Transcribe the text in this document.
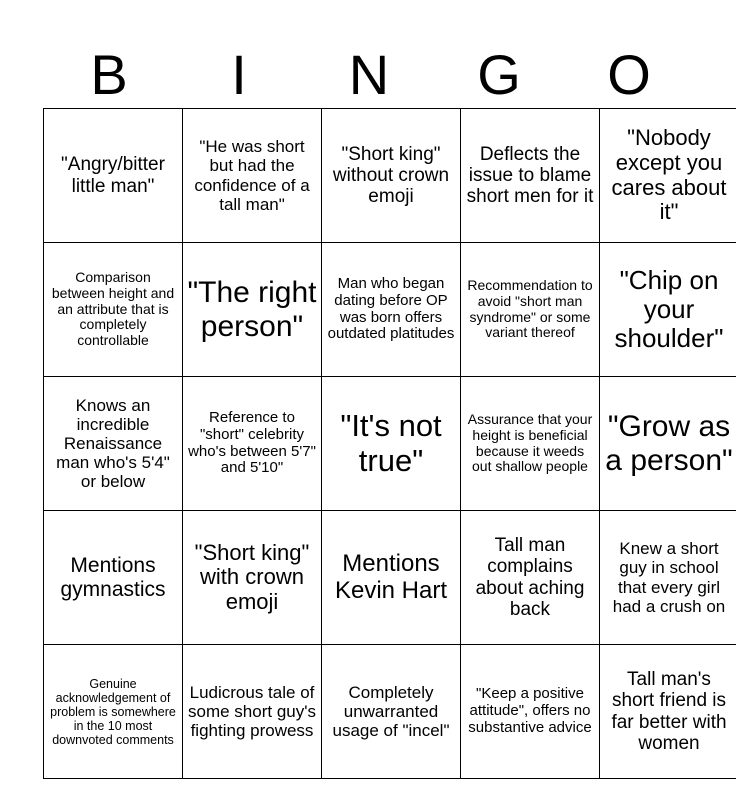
B	I	N	G	O
"Angry/bitter little man"	"He was short but had the confidence of a tall man"	"Short king" without crown emoji	Deflects the issue to blame short men for it	"Nobody except you cares about it"
Comparison between height and an attribute that is completely controllable	"The right person"	Man who began dating before OP was born offers outdated platitudes	Recommendation to avoid "short man syndrome" or some variant thereof	"Chip on your shoulder"
Knows an incredible Renaissance man who's 5'4" or below	Reference to "short" celebrity who's between 5'7" and 5'10"	"It's not true"	Assurance that your height is beneficial because it weeds out shallow people	"Grow as a person"
Mentions gymnastics	"Short king" with crown emoji	Mentions Kevin Hart	Tall man complains about aching back	Knew a short guy in school that every girl had a crush on
Genuine acknowledgement of problem is somewhere in the 10 most downvoted comments	Ludicrous tale of some short guy's fighting prowess	Completely unwarranted usage of "incel"	"Keep a positive attitude", offers no substantive advice	Tall man's short friend is far better with women
